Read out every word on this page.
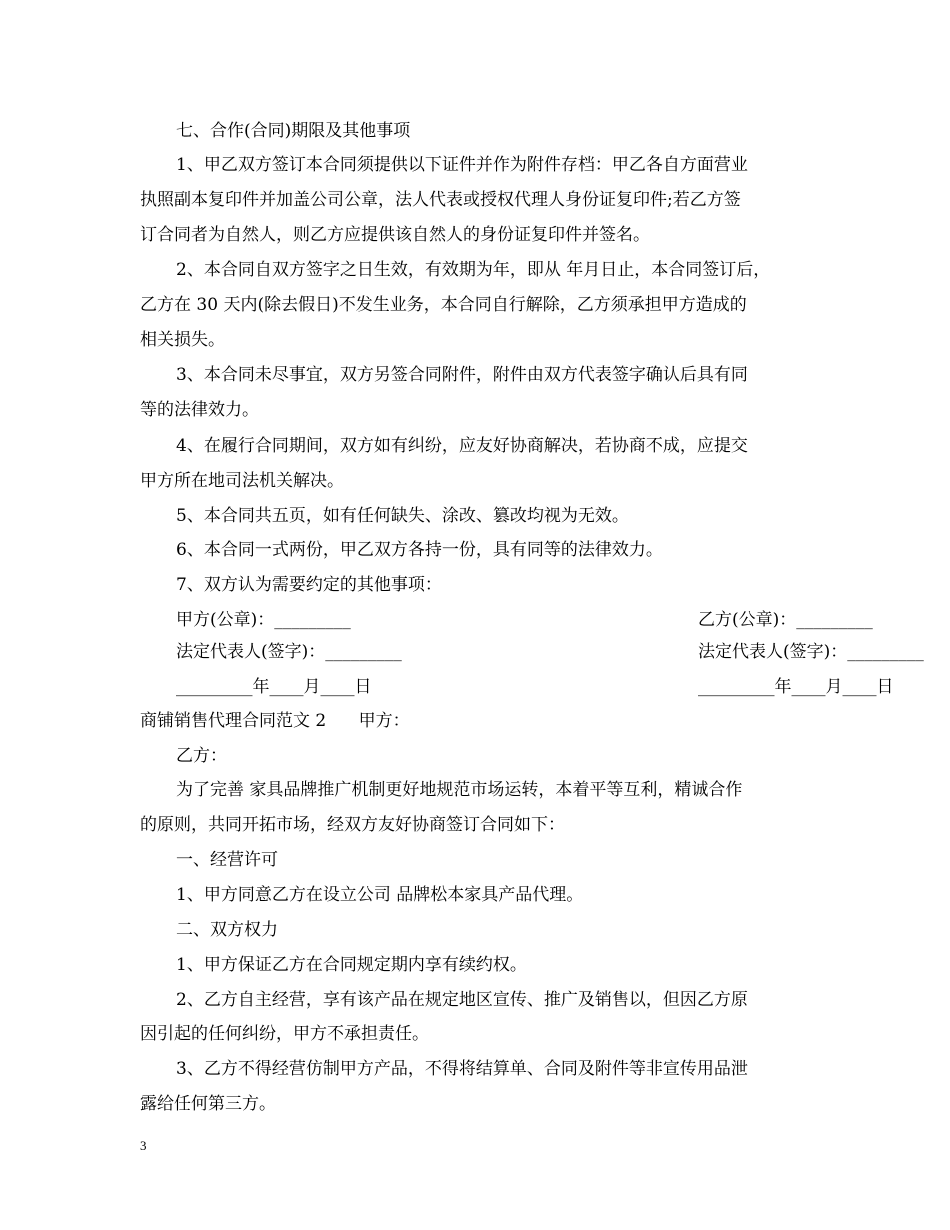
七、合作(合同)期限及其他事项
1、甲乙双方签订本合同须提供以下证件并作为附件存档：甲乙各自方面营业
执照副本复印件并加盖公司公章，法人代表或授权代理人身份证复印件;若乙方签
订合同者为自然人，则乙方应提供该自然人的身份证复印件并签名。
2、本合同自双方签字之日生效，有效期为年，即从 年月日止，本合同签订后，
乙方在 30 天内(除去假日)不发生业务，本合同自行解除，乙方须承担甲方造成的
相关损失。
3、本合同未尽事宜，双方另签合同附件，附件由双方代表签字确认后具有同
等的法律效力。
4、在履行合同期间，双方如有纠纷，应友好协商解决，若协商不成，应提交
甲方所在地司法机关解决。
5、本合同共五页，如有任何缺失、涂改、篡改均视为无效。
6、本合同一式两份，甲乙双方各持一份，具有同等的法律效力。
7、双方认为需要约定的其他事项：
甲方(公章)：_________	乙方(公章)：_________
法定代表人(签字)：_________	法定代表人(签字)：_________
_________年____月____日	_________年____月____日
商铺销售代理合同范文 2      甲方：
乙方：
为了完善 家具品牌推广机制更好地规范市场运转，本着平等互利，精诚合作
的原则，共同开拓市场，经双方友好协商签订合同如下：
一、经营许可
1、甲方同意乙方在设立公司 品牌松本家具产品代理。
二、双方权力
1、甲方保证乙方在合同规定期内享有续约权。
2、乙方自主经营，享有该产品在规定地区宣传、推广及销售以，但因乙方原
因引起的任何纠纷，甲方不承担责任。
3、乙方不得经营仿制甲方产品，不得将结算单、合同及附件等非宣传用品泄
露给任何第三方。
3
